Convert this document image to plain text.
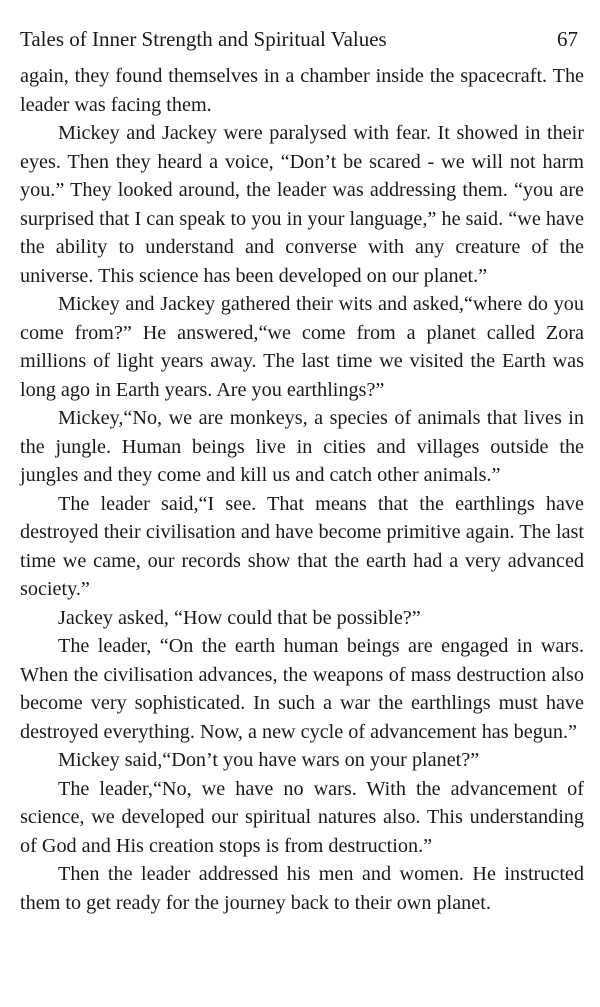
Tales of Inner Strength and Spiritual Values	67

again, they found themselves in a chamber inside the spacecraft. The leader was facing them.

Mickey and Jackey were paralysed with fear. It showed in their eyes. Then they heard a voice, “Don’t be scared - we will not harm you.” They looked around, the leader was addressing them. “you are surprised that I can speak to you in your language,” he said. “we have the ability to understand and converse with any creature of the universe. This science has been developed on our planet.”

Mickey and Jackey gathered their wits and asked,“where do you come from?” He answered,“we come from a planet called Zora millions of light years away. The last time we visited the Earth was long ago in Earth years. Are you earthlings?”

Mickey,“No, we are monkeys, a species of animals that lives in the jungle. Human beings live in cities and villages outside the jungles and they come and kill us and catch other animals.”

The leader said,“I see. That means that the earthlings have destroyed their civilisation and have become primitive again. The last time we came, our records show that the earth had a very advanced society.”

Jackey asked, “How could that be possible?”

The leader, “On the earth human beings are engaged in wars. When the civilisation advances, the weapons of mass destruction also become very sophisticated. In such a war the earthlings must have destroyed everything. Now, a new cycle of advancement has begun.”

Mickey said,“Don’t you have wars on your planet?”

The leader,“No, we have no wars. With the advancement of science, we developed our spiritual natures also. This understanding of God and His creation stops is from destruction.”

Then the leader addressed his men and women. He instructed them to get ready for the journey back to their own planet.
